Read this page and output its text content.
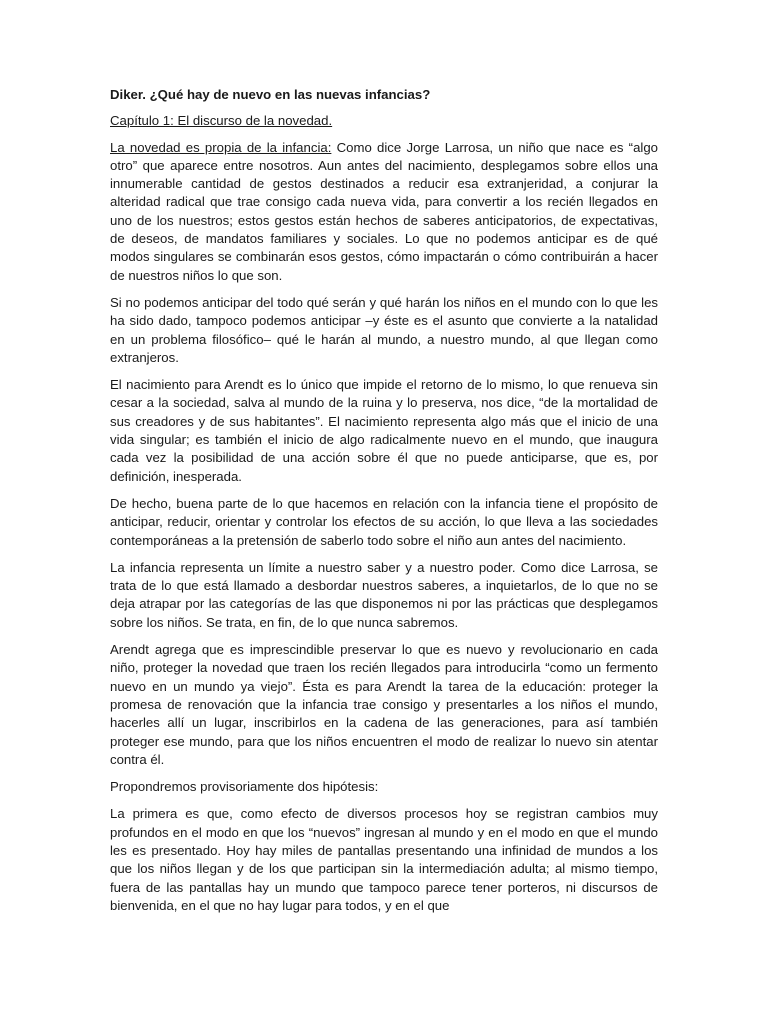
Diker. ¿Qué hay de nuevo en las nuevas infancias?
Capítulo 1: El discurso de la novedad.

La novedad es propia de la infancia: Como dice Jorge Larrosa, un niño que nace es “algo otro” que aparece entre nosotros. Aun antes del nacimiento, desplegamos sobre ellos una innumerable cantidad de gestos destinados a reducir esa extranjeridad, a conjurar la alteridad radical que trae consigo cada nueva vida, para convertir a los recién llegados en uno de los nuestros; estos gestos están hechos de saberes anticipatorios, de expectativas, de deseos, de mandatos familiares y sociales. Lo que no podemos anticipar es de qué modos singulares se combinarán esos gestos, cómo impactarán o cómo contribuirán a hacer de nuestros niños lo que son.

Si no podemos anticipar del todo qué serán y qué harán los niños en el mundo con lo que les ha sido dado, tampoco podemos anticipar –y éste es el asunto que convierte a la natalidad en un problema filosófico– qué le harán al mundo, a nuestro mundo, al que llegan como extranjeros.

El nacimiento para Arendt es lo único que impide el retorno de lo mismo, lo que renueva sin cesar a la sociedad, salva al mundo de la ruina y lo preserva, nos dice, “de la mortalidad de sus creadores y de sus habitantes”. El nacimiento representa algo más que el inicio de una vida singular; es también el inicio de algo radicalmente nuevo en el mundo, que inaugura cada vez la posibilidad de una acción sobre él que no puede anticiparse, que es, por definición, inesperada.

De hecho, buena parte de lo que hacemos en relación con la infancia tiene el propósito de anticipar, reducir, orientar y controlar los efectos de su acción, lo que lleva a las sociedades contemporáneas a la pretensión de saberlo todo sobre el niño aun antes del nacimiento.

La infancia representa un límite a nuestro saber y a nuestro poder. Como dice Larrosa, se trata de lo que está llamado a desbordar nuestros saberes, a inquietarlos, de lo que no se deja atrapar por las categorías de las que disponemos ni por las prácticas que desplegamos sobre los niños. Se trata, en fin, de lo que nunca sabremos.

Arendt agrega que es imprescindible preservar lo que es nuevo y revolucionario en cada niño, proteger la novedad que traen los recién llegados para introducirla “como un fermento nuevo en un mundo ya viejo”. Ésta es para Arendt la tarea de la educación: proteger la promesa de renovación que la infancia trae consigo y presentarles a los niños el mundo, hacerles allí un lugar, inscribirlos en la cadena de las generaciones, para así también proteger ese mundo, para que los niños encuentren el modo de realizar lo nuevo sin atentar contra él.

Propondremos provisoriamente dos hipótesis:

La primera es que, como efecto de diversos procesos hoy se registran cambios muy profundos en el modo en que los “nuevos” ingresan al mundo y en el modo en que el mundo les es presentado. Hoy hay miles de pantallas presentando una infinidad de mundos a los que los niños llegan y de los que participan sin la intermediación adulta; al mismo tiempo, fuera de las pantallas hay un mundo que tampoco parece tener porteros, ni discursos de bienvenida, en el que no hay lugar para todos, y en el que
